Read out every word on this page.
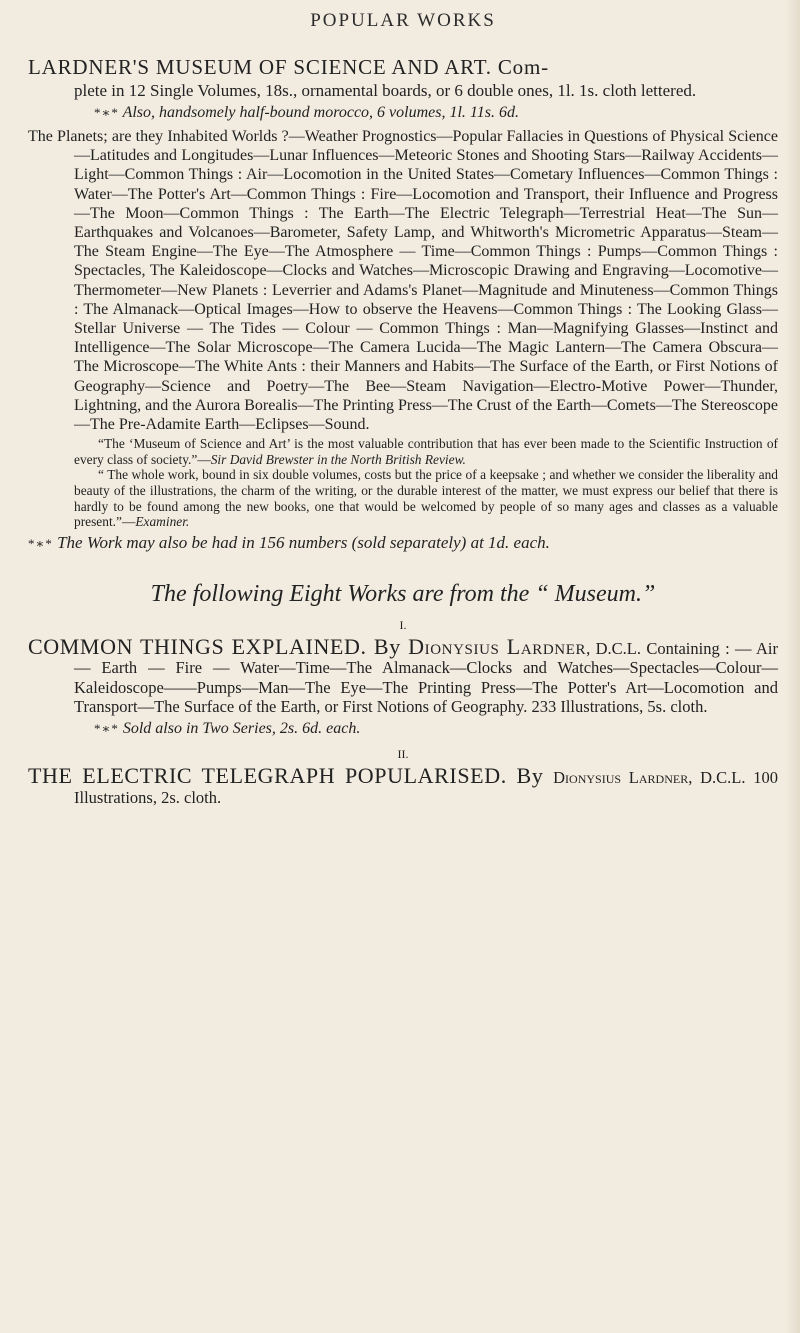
POPULAR WORKS

LARDNER'S MUSEUM OF SCIENCE AND ART. Com-

plete in 12 Single Volumes, 18s., ornamental boards, or 6 double ones, 1l. 1s. cloth lettered.

*∗* Also, handsomely half-bound morocco, 6 volumes, 1l. 11s. 6d.

The Planets; are they Inhabited Worlds ?—Weather Prognostics—Popular Fallacies in Questions of Physical Science—Latitudes and Longitudes—Lunar Influences—Meteoric Stones and Shooting Stars—Railway Accidents—Light—Common Things : Air—Locomotion in the United States—Cometary Influences—Common Things : Water—The Potter's Art—Common Things : Fire—Locomotion and Transport, their Influence and Progress—The Moon—Common Things : The Earth—The Electric Telegraph—Terrestrial Heat—The Sun—Earthquakes and Volcanoes—Barometer, Safety Lamp, and Whitworth's Micrometric Apparatus—Steam—The Steam Engine—The Eye—The Atmosphere — Time—Common Things : Pumps—Common Things : Spectacles, The Kaleidoscope—Clocks and Watches—Microscopic Drawing and Engraving—Locomotive—Thermometer—New Planets : Leverrier and Adams's Planet—Magnitude and Minuteness—Common Things : The Almanack—Optical Images—How to observe the Heavens—Common Things : The Looking Glass—Stellar Universe — The Tides — Colour — Common Things : Man—Magnifying Glasses—Instinct and Intelligence—The Solar Microscope—The Camera Lucida—The Magic Lantern—The Camera Obscura—The Microscope—The White Ants : their Manners and Habits—The Surface of the Earth, or First Notions of Geography—Science and Poetry—The Bee—Steam Navigation—Electro-Motive Power—Thunder, Lightning, and the Aurora Borealis—The Printing Press—The Crust of the Earth—Comets—The Stereoscope—The Pre-Adamite Earth—Eclipses—Sound.

“The ‘Museum of Science and Art’ is the most valuable contribution that has ever been made to the Scientific Instruction of every class of society.”—Sir David Brewster in the North British Review.

“ The whole work, bound in six double volumes, costs but the price of a keepsake ; and whether we consider the liberality and beauty of the illustrations, the charm of the writing, or the durable interest of the matter, we must express our belief that there is hardly to be found among the new books, one that would be welcomed by people of so many ages and classes as a valuable present.”—Examiner.

*∗* The Work may also be had in 156 numbers (sold separately) at 1d. each.

The following Eight Works are from the “ Museum.”
I.

COMMON THINGS EXPLAINED. By Dionysius Lardner, D.C.L. Containing : — Air — Earth — Fire — Water—Time—The Almanack—Clocks and Watches—Spectacles—Colour—Kaleidoscope——Pumps—Man—The Eye—The Printing Press—The Potter's Art—Locomotion and Transport—The Surface of the Earth, or First Notions of Geography. 233 Illustrations, 5s. cloth.

*∗* Sold also in Two Series, 2s. 6d. each.

II.

THE ELECTRIC TELEGRAPH POPULARISED. By Dionysius Lardner, D.C.L. 100 Illustrations, 2s. cloth.
